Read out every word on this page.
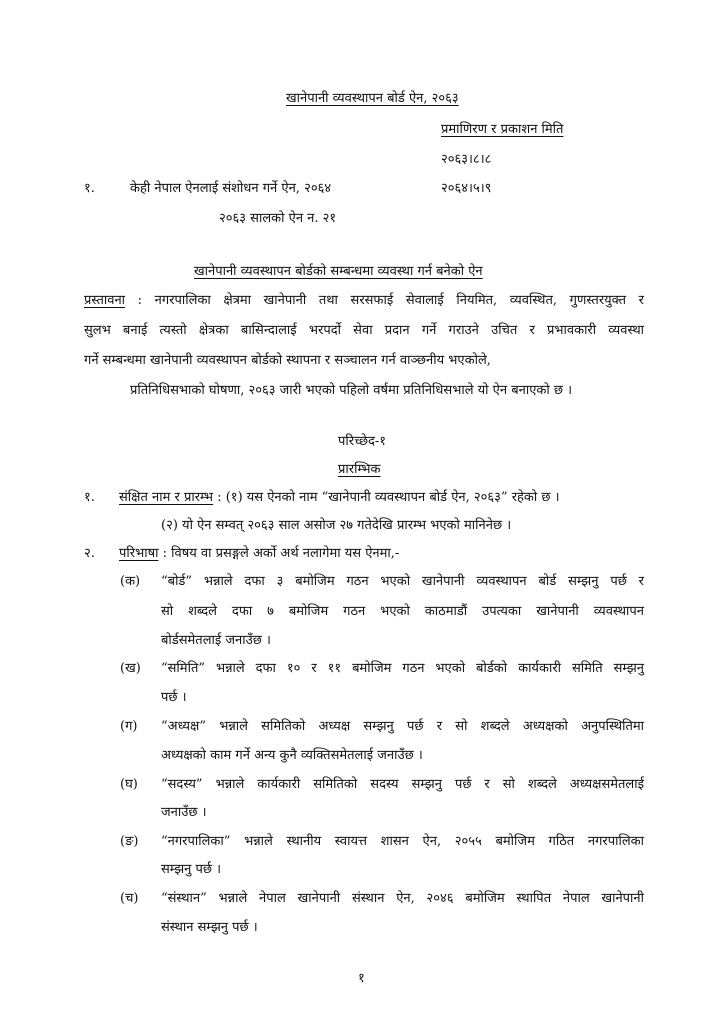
खानेपानी व्यवस्थापन बोर्ड ऐन, २०६३
प्रमाणिरण र प्रकाशन मिति
२०६३।८।८
१.	केही नेपाल ऐनलाई संशोधन गर्ने ऐन, २०६४	२०६४।५।९
२०६३ सालको ऐन न. २१
खानेपानी व्यवस्थापन बोर्डको सम्बन्धमा व्यवस्था गर्न बनेको ऐन
प्रस्तावना : नगरपालिका क्षेत्रमा खानेपानी तथा सरसफाई सेवालाई नियमित, व्यवस्थित, गुणस्तरयुक्त र
सुलभ बनाई त्यस्तो क्षेत्रका बासिन्दालाई भरपर्दो सेवा प्रदान गर्ने गराउने उचित र प्रभावकारी व्यवस्था
गर्ने सम्बन्धमा खानेपानी व्यवस्थापन बोर्डको स्थापना र सञ्चालन गर्न वाञ्छनीय भएकोले,
प्रतिनिधिसभाको घोषणा, २०६३ जारी भएको पहिलो वर्षमा प्रतिनिधिसभाले यो ऐन बनाएको छ ।
परिच्छेद-१
प्रारम्भिक
१. संक्षित नाम र प्रारम्भ : (१) यस ऐनको नाम “खानेपानी व्यवस्थापन बोर्ड ऐन, २०६३” रहेको छ ।
(२) यो ऐन सम्वत् २०६३ साल असोज २७ गतेदेखि प्रारम्भ भएको मानिनेछ ।
२. परिभाषा : विषय वा प्रसङ्गले अर्को अर्थ नलागेमा यस ऐनमा,-
(क) “बोर्ड” भन्नाले दफा ३ बमोजिम गठन भएको खानेपानी व्यवस्थापन बोर्ड सम्झनु पर्छ र
सो शब्दले दफा ७ बमोजिम गठन भएको काठमाडौं उपत्यका खानेपानी व्यवस्थापन
बोर्डसमेतलाई जनाउँछ ।
(ख) “समिति” भन्नाले दफा १० र ११ बमोजिम गठन भएको बोर्डको कार्यकारी समिति सम्झनु
पर्छ ।
(ग) “अध्यक्ष” भन्नाले समितिको अध्यक्ष सम्झनु पर्छ र सो शब्दले अध्यक्षको अनुपस्थितिमा
अध्यक्षको काम गर्ने अन्य कुनै व्यक्तिसमेतलाई जनाउँछ ।
(घ) “सदस्य” भन्नाले कार्यकारी समितिको सदस्य सम्झनु पर्छ र सो शब्दले अध्यक्षसमेतलाई
जनाउँछ ।
(ङ) “नगरपालिका” भन्नाले स्थानीय स्वायत्त शासन ऐन, २०५५ बमोजिम गठित नगरपालिका
सम्झनु पर्छ ।
(च) “संस्थान” भन्नाले नेपाल खानेपानी संस्थान ऐन, २०४६ बमोजिम स्थापित नेपाल खानेपानी
संस्थान सम्झनु पर्छ ।
१
